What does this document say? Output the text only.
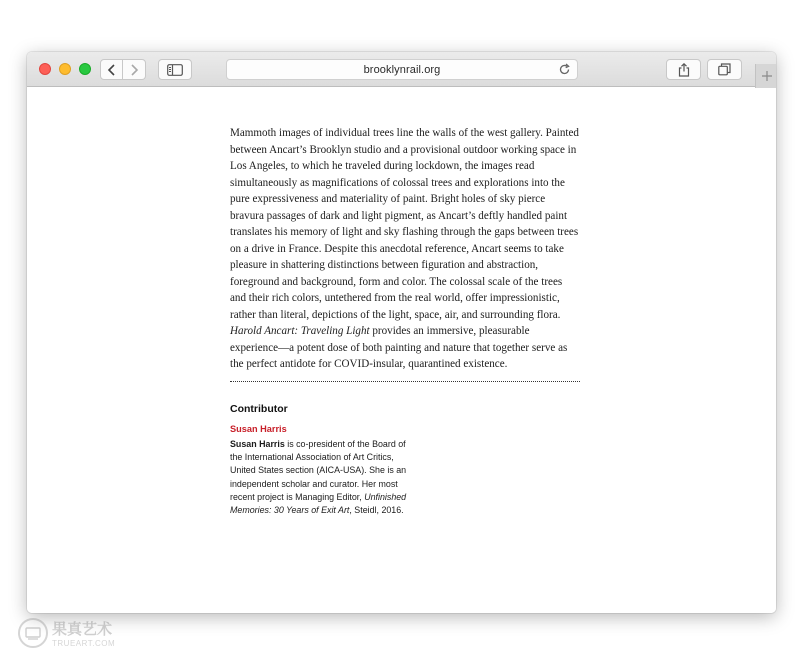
brooklynrail.org

Mammoth images of individual trees line the walls of the west gallery. Painted between Ancart’s Brooklyn studio and a provisional outdoor working space in Los Angeles, to which he traveled during lockdown, the images read simultaneously as magnifications of colossal trees and explorations into the pure expressiveness and materiality of paint. Bright holes of sky pierce bravura passages of dark and light pigment, as Ancart’s deftly handled paint translates his memory of light and sky flashing through the gaps between trees on a drive in France. Despite this anecdotal reference, Ancart seems to take pleasure in shattering distinctions between figuration and abstraction, foreground and background, form and color. The colossal scale of the trees and their rich colors, untethered from the real world, offer impressionistic, rather than literal, depictions of the light, space, air, and surrounding flora. Harold Ancart: Traveling Light provides an immersive, pleasurable experience—a potent dose of both painting and nature that together serve as the perfect antidote for COVID-insular, quarantined existence.

Contributor
Susan Harris

Susan Harris is co-president of the Board of the International Association of Art Critics, United States section (AICA-USA). She is an independent scholar and curator. Her most recent project is Managing Editor, Unfinished Memories: 30 Years of Exit Art, Steidl, 2016.

果真艺术
TRUEART.COM
